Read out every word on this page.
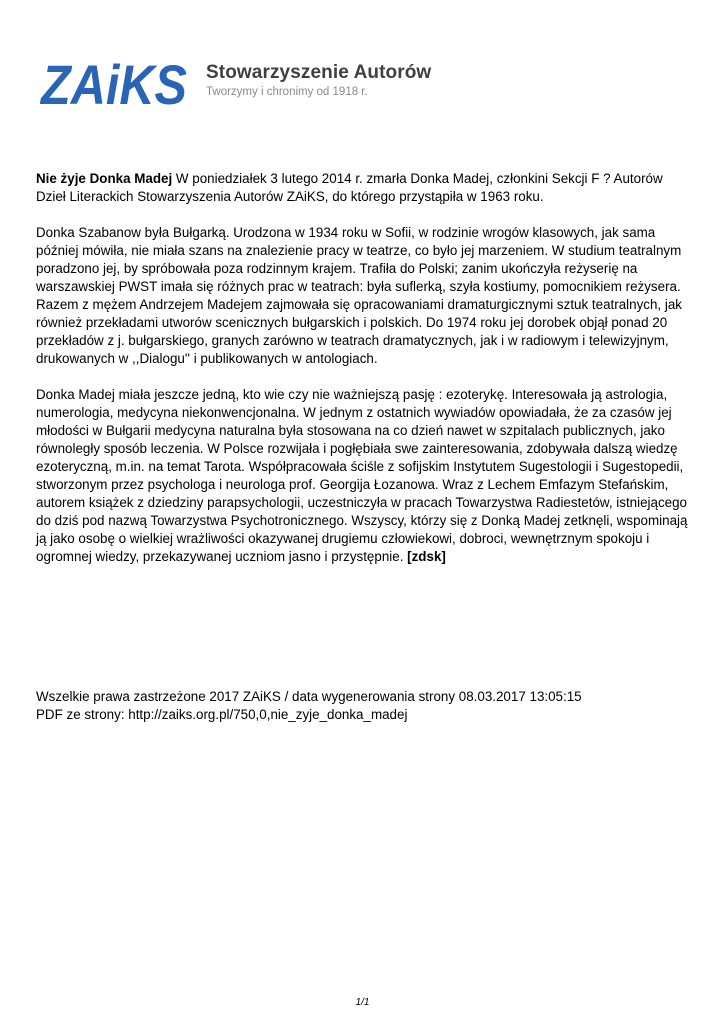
ZAiKS Stowarzyszenie Autorów
Tworzymy i chronimy od 1918 r.

Nie żyje Donka Madej W poniedziałek 3 lutego 2014 r. zmarła Donka Madej, członkini Sekcji F ? Autorów Dzieł Literackich Stowarzyszenia Autorów ZAiKS, do którego przystąpiła w 1963 roku.

Donka Szabanow była Bułgarką. Urodzona w 1934 roku w Sofii, w rodzinie wrogów klasowych, jak sama później mówiła, nie miała szans na znalezienie pracy w teatrze, co było jej marzeniem. W studium teatralnym poradzono jej, by spróbowała poza rodzinnym krajem. Trafiła do Polski; zanim ukończyła reżyserię na warszawskiej PWST imała się różnych prac w teatrach: była suflerką, szyła kostiumy, pomocnikiem reżysera. Razem z mężem Andrzejem Madejem zajmowała się opracowaniami dramaturgicznymi sztuk teatralnych, jak również przekładami utworów scenicznych bułgarskich i polskich. Do 1974 roku jej dorobek objął ponad 20 przekładów z j. bułgarskiego, granych zarówno w teatrach dramatycznych, jak i w radiowym i telewizyjnym, drukowanych w ,,Dialogu'' i publikowanych w antologiach.

Donka Madej miała jeszcze jedną, kto wie czy nie ważniejszą pasję : ezoterykę. Interesowała ją astrologia, numerologia, medycyna niekonwencjonalna. W jednym z ostatnich wywiadów opowiadała, że za czasów jej młodości w Bułgarii medycyna naturalna była stosowana na co dzień nawet w szpitalach publicznych, jako równoległy sposób leczenia. W Polsce rozwijała i pogłębiała swe zainteresowania, zdobywała dalszą wiedzę ezoteryczną, m.in. na temat Tarota. Współpracowała ściśle z sofijskim Instytutem Sugestologii i Sugestopedii, stworzonym przez psychologa i neurologa prof. Georgija Łozanowa. Wraz z Lechem Emfazym Stefańskim, autorem książek z dziedziny parapsychologii, uczestniczyła w pracach Towarzystwa Radiestetów, istniejącego do dziś pod nazwą Towarzystwa Psychotronicznego. Wszyscy, którzy się z Donką Madej zetknęli, wspominają ją jako osobę o wielkiej wrażliwości okazywanej drugiemu człowiekowi, dobroci, wewnętrznym spokoju i ogromnej wiedzy, przekazywanej uczniom jasno i przystępnie. [zdsk]

Wszelkie prawa zastrzeżone 2017 ZAiKS / data wygenerowania strony 08.03.2017 13:05:15
PDF ze strony: http://zaiks.org.pl/750,0,nie_zyje_donka_madej
1/1
